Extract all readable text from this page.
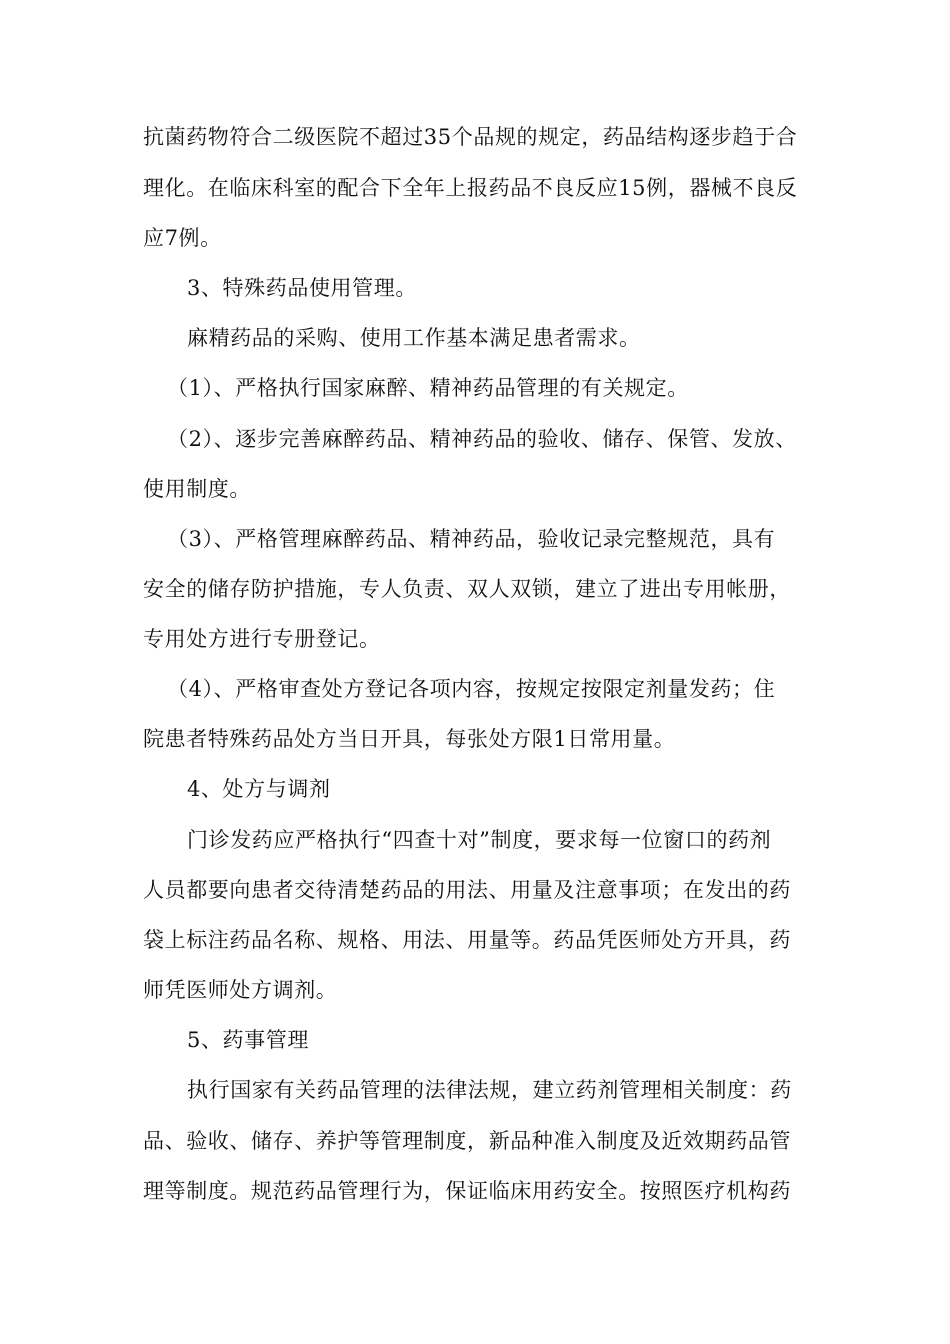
抗菌药物符合二级医院不超过35个品规的规定，药品结构逐步趋于合
理化。在临床科室的配合下全年上报药品不良反应15例，器械不良反
应7例。
3、特殊药品使用管理。
麻精药品的采购、使用工作基本满足患者需求。
（1）、严格执行国家麻醉、精神药品管理的有关规定。
（2）、逐步完善麻醉药品、精神药品的验收、储存、保管、发放、
使用制度。
（3）、严格管理麻醉药品、精神药品，验收记录完整规范，具有
安全的储存防护措施，专人负责、双人双锁，建立了进出专用帐册，
专用处方进行专册登记。
（4）、严格审查处方登记各项内容，按规定按限定剂量发药；住
院患者特殊药品处方当日开具，每张处方限1日常用量。
4、处方与调剂
门诊发药应严格执行“四查十对”制度，要求每一位窗口的药剂
人员都要向患者交待清楚药品的用法、用量及注意事项；在发出的药
袋上标注药品名称、规格、用法、用量等。药品凭医师处方开具，药
师凭医师处方调剂。
5、药事管理
执行国家有关药品管理的法律法规，建立药剂管理相关制度：药
品、验收、储存、养护等管理制度，新品种准入制度及近效期药品管
理等制度。规范药品管理行为，保证临床用药安全。按照医疗机构药
